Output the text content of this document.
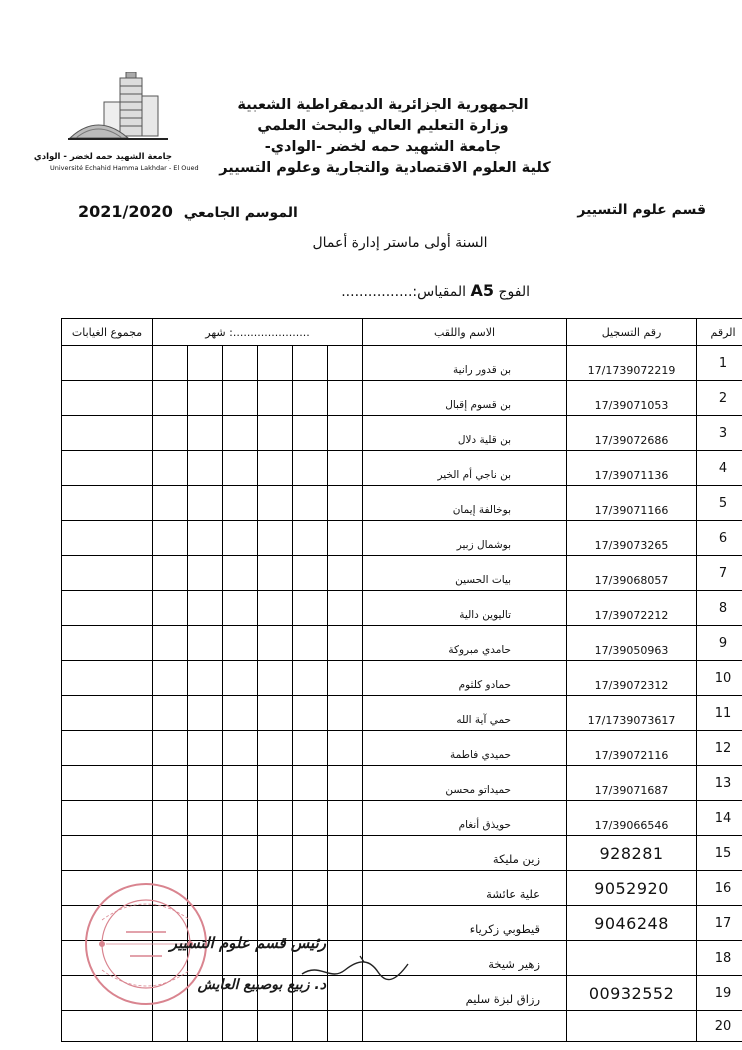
جامعة الشهيد حمه لخضر - الوادي
Université Echahid Hamma Lakhdar - El Oued
الجمهورية الجزائرية الديمقراطية الشعبية
وزارة التعليم العالي والبحث العلمي
جامعة الشهيد حمه لخضر -الوادي-
كلية العلوم الاقتصادية والتجارية وعلوم التسيير
قسم علوم التسيير
الموسم الجامعي 2021/2020
السنة أولى ماستر إدارة أعمال
الفوج A5 المقياس:................
مجموع الغيابات	شهر :......................						الاسم واللقب	رقم التسجيل	الرقم
							بن قدور رانية	17/1739072219	1
							بن قسوم إقبال	17/39071053	2
							بن قلية دلال	17/39072686	3
							بن ناجي أم الخير	17/39071136	4
							بوخالفة إيمان	17/39071166	5
							بوشمال زبير	17/39073265	6
							بيات الحسين	17/39068057	7
							تاليوين دالية	17/39072212	8
							حامدي مبروكة	17/39050963	9
							حمادو كلثوم	17/39072312	10
							حمي آية الله	17/1739073617	11
							حميدي فاطمة	17/39072116	12
							حميداتو محسن	17/39071687	13
							حويذق أنغام	17/39066546	14
							زين مليكة	928281	15
							علية عائشة	9052920	16
							قيطوبي زكرياء	9046248	17
							زهير شيخة		18
							رزاق لبزة سليم	00932552	19
									20
رئيس قسم علوم التسيير
د. زبيع بوصبيع العايش
